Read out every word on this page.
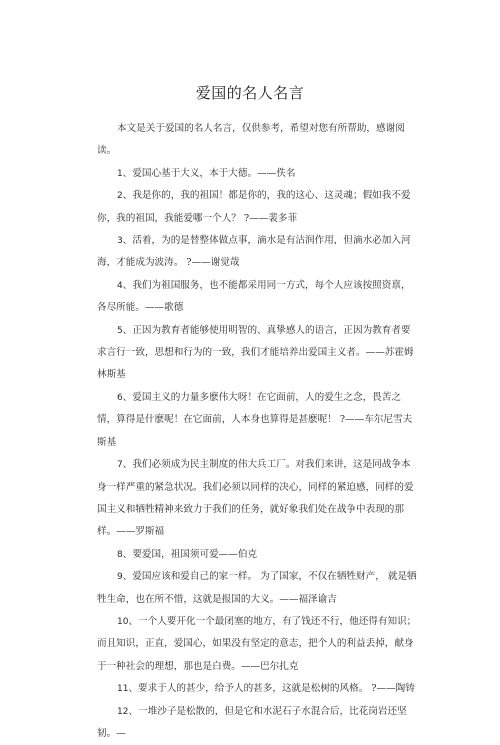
爱国的名人名言

本文是关于爱国的名人名言，仅供参考，希望对您有所帮助，感谢阅读。

1、爱国心基于大义，本于大德。——佚名

2、我是你的，我的祖国！都是你的，我的这心、这灵魂；假如我不爱你，我的祖国，我能爱哪一个人？ ?——裴多菲

3、活着，为的是替整体做点事，滴水是有沾润作用，但滴水必加入河海，才能成为波涛。 ?——谢觉哉

4、我们为祖国服务，也不能都采用同一方式，每个人应该按照资禀，各尽所能。——歌德

5、正因为教育者能够使用明智的、真挚感人的语言，正因为教育者要求言行一致，思想和行为的一致，我们才能培养出爱国主义者。——苏霍姆林斯基

6、爱国主义的力量多麽伟大呀！在它面前，人的爱生之念，畏苦之情，算得是什麽呢！在它面前，人本身也算得是甚麽呢！ ?——车尔尼雪夫斯基

7、我们必须成为民主制度的伟大兵工厂。对我们来讲，这是同战争本身一样严重的紧急状况。我们必须以同样的决心，同样的紧迫感，同样的爱国主义和牺牲精神来致力于我们的任务，就好象我们处在战争中表现的那样。——罗斯福

8、要爱国，祖国须可爱——伯克

9、爱国应该和爱自己的家一样。 为了国家，不仅在牺牲财产， 就是牺牲生命，也在所不惜，这就是报国的大义。——福泽谕吉

10、一个人要开化一个最闭塞的地方，有了钱还不行，他还得有知识；而且知识，正直，爱国心，如果没有坚定的意志，把个人的利益丢掉，献身于一种社会的理想，那也是白费。——巴尔扎克

11、要求于人的甚少，给予人的甚多，这就是松树的风格。 ?——陶铸

12、一堆沙子是松散的，但是它和水泥石子水混合后，比花岗岩还坚韧。—
